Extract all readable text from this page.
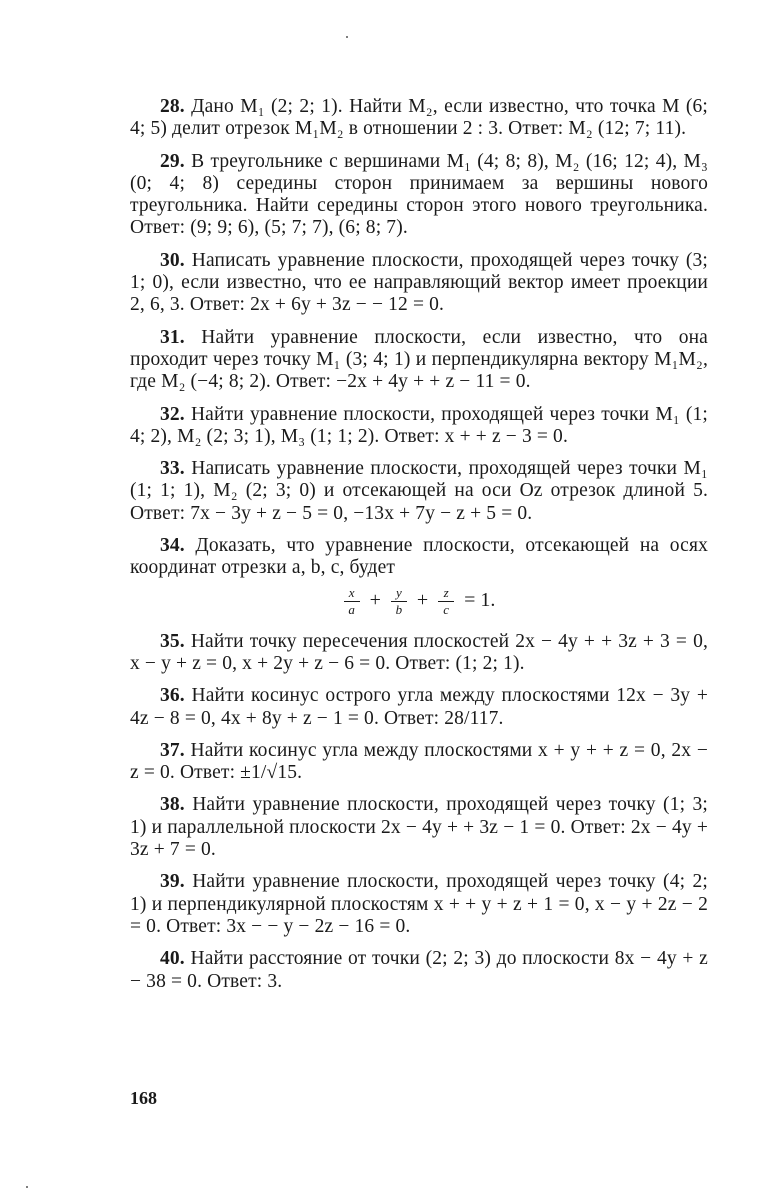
28. Дано M₁ (2; 2; 1). Найти M₂, если известно, что точка M (6; 4; 5) делит отрезок M₁M₂ в отношении 2 : 3. Ответ: M₂ (12; 7; 11).

29. В треугольнике с вершинами M₁ (4; 8; 8), M₂ (16; 12; 4), M₃ (0; 4; 8) середины сторон принимаем за вершины нового треугольника. Найти середины сторон этого нового треугольника. Ответ: (9; 9; 6), (5; 7; 7), (6; 8; 7).

30. Написать уравнение плоскости, проходящей через точку (3; 1; 0), если известно, что ее направляющий вектор имеет проекции 2, 6, 3. Ответ: 2x + 6y + 3z − − 12 = 0.

31. Найти уравнение плоскости, если известно, что она проходит через точку M₁ (3; 4; 1) и перпендикулярна вектору M₁M₂, где M₂ (−4; 8; 2). Ответ: −2x + 4y + + z − 11 = 0.

32. Найти уравнение плоскости, проходящей через точки M₁ (1; 4; 2), M₂ (2; 3; 1), M₃ (1; 1; 2). Ответ: x + + z − 3 = 0.

33. Написать уравнение плоскости, проходящей через точки M₁ (1; 1; 1), M₂ (2; 3; 0) и отсекающей на оси Oz отрезок длиной 5. Ответ: 7x − 3y + z − 5 = 0, −13x + 7y − z + 5 = 0.

34. Доказать, что уравнение плоскости, отсекающей на осях координат отрезки a, b, c, будет

$\frac{x}{a} + \frac{y}{b} + \frac{z}{c} = 1$.

35. Найти точку пересечения плоскостей 2x − 4y + + 3z + 3 = 0, x − y + z = 0, x + 2y + z − 6 = 0. Ответ: (1; 2; 1).

36. Найти косинус острого угла между плоскостями 12x − 3y + 4z − 8 = 0, 4x + 8y + z − 1 = 0. Ответ: 28/117.

37. Найти косинус угла между плоскостями x + y + + z = 0, 2x − z = 0. Ответ: ±1/√15.

38. Найти уравнение плоскости, проходящей через точку (1; 3; 1) и параллельной плоскости 2x − 4y + + 3z − 1 = 0. Ответ: 2x − 4y + 3z + 7 = 0.

39. Найти уравнение плоскости, проходящей через точку (4; 2; 1) и перпендикулярной плоскостям x + + y + z + 1 = 0, x − y + 2z − 2 = 0. Ответ: 3x − − y − 2z − 16 = 0.

40. Найти расстояние от точки (2; 2; 3) до плоскости 8x − 4y + z − 38 = 0. Ответ: 3.

168
